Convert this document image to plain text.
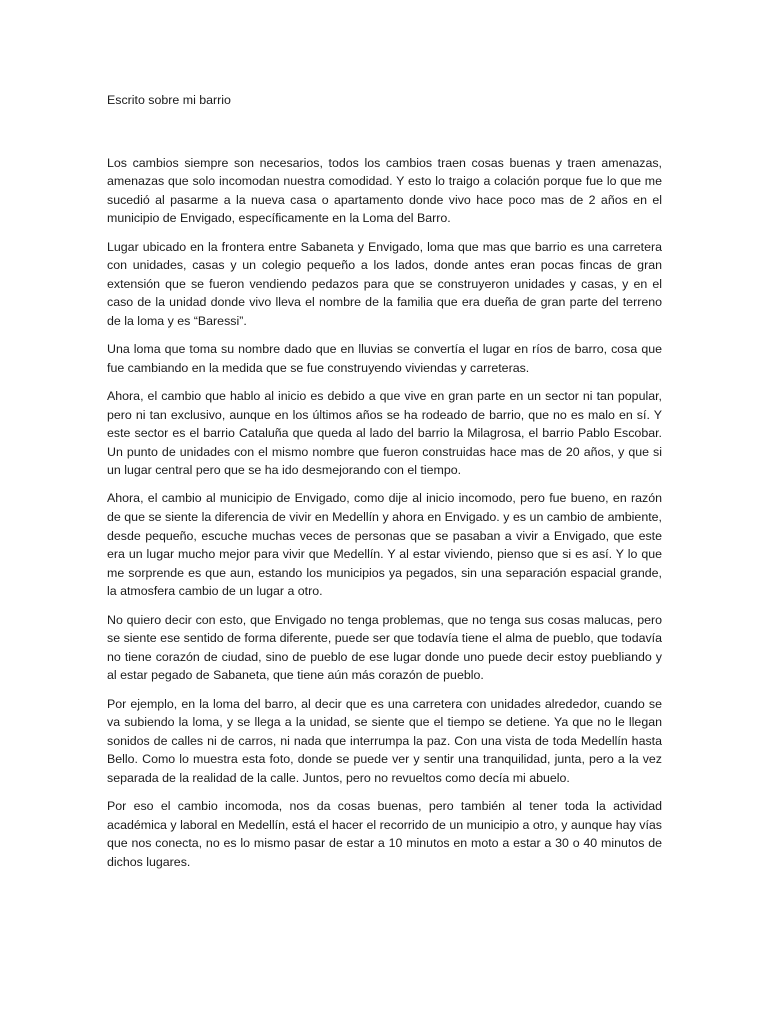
Escrito sobre mi barrio

Los cambios siempre son necesarios, todos los cambios traen cosas buenas y traen amenazas, amenazas que solo incomodan nuestra comodidad. Y esto lo traigo a colación porque fue lo que me sucedió al pasarme a la nueva casa o apartamento donde vivo hace poco mas de 2 años en el municipio de Envigado, específicamente en la Loma del Barro.

Lugar ubicado en la frontera entre Sabaneta y Envigado, loma que mas que barrio es una carretera con unidades, casas y un colegio pequeño a los lados, donde antes eran pocas fincas de gran extensión que se fueron vendiendo pedazos para que se construyeron unidades y casas, y en el caso de la unidad donde vivo lleva el nombre de la familia que era dueña de gran parte del terreno de la loma y es “Baressi”.

Una loma que toma su nombre dado que en lluvias se convertía el lugar en ríos de barro, cosa que fue cambiando en la medida que se fue construyendo viviendas y carreteras.

Ahora, el cambio que hablo al inicio es debido a que vive en gran parte en un sector ni tan popular, pero ni tan exclusivo, aunque en los últimos años se ha rodeado de barrio, que no es malo en sí. Y este sector es el barrio Cataluña que queda al lado del barrio la Milagrosa, el barrio Pablo Escobar. Un punto de unidades con el mismo nombre que fueron construidas hace mas de 20 años, y que si un lugar central pero que se ha ido desmejorando con el tiempo.

Ahora, el cambio al municipio de Envigado, como dije al inicio incomodo, pero fue bueno, en razón de que se siente la diferencia de vivir en Medellín y ahora en Envigado. y es un cambio de ambiente, desde pequeño, escuche muchas veces de personas que se pasaban a vivir a Envigado, que este era un lugar mucho mejor para vivir que Medellín. Y al estar viviendo, pienso que si es así. Y lo que me sorprende es que aun, estando los municipios ya pegados, sin una separación espacial grande, la atmosfera cambio de un lugar a otro.

No quiero decir con esto, que Envigado no tenga problemas, que no tenga sus cosas malucas, pero se siente ese sentido de forma diferente, puede ser que todavía tiene el alma de pueblo, que todavía no tiene corazón de ciudad, sino de pueblo de ese lugar donde uno puede decir estoy puebliando y al estar pegado de Sabaneta, que tiene aún más corazón de pueblo.

Por ejemplo, en la loma del barro, al decir que es una carretera con unidades alrededor, cuando se va subiendo la loma, y se llega a la unidad, se siente que el tiempo se detiene. Ya que no le llegan sonidos de calles ni de carros, ni nada que interrumpa la paz. Con una vista de toda Medellín hasta Bello. Como lo muestra esta foto, donde se puede ver y sentir una tranquilidad, junta, pero a la vez separada de la realidad de la calle. Juntos, pero no revueltos como decía mi abuelo.

Por eso el cambio incomoda, nos da cosas buenas, pero también al tener toda la actividad académica y laboral en Medellín, está el hacer el recorrido de un municipio a otro, y aunque hay vías que nos conecta, no es lo mismo pasar de estar a 10 minutos en moto a estar a 30 o 40 minutos de dichos lugares.
